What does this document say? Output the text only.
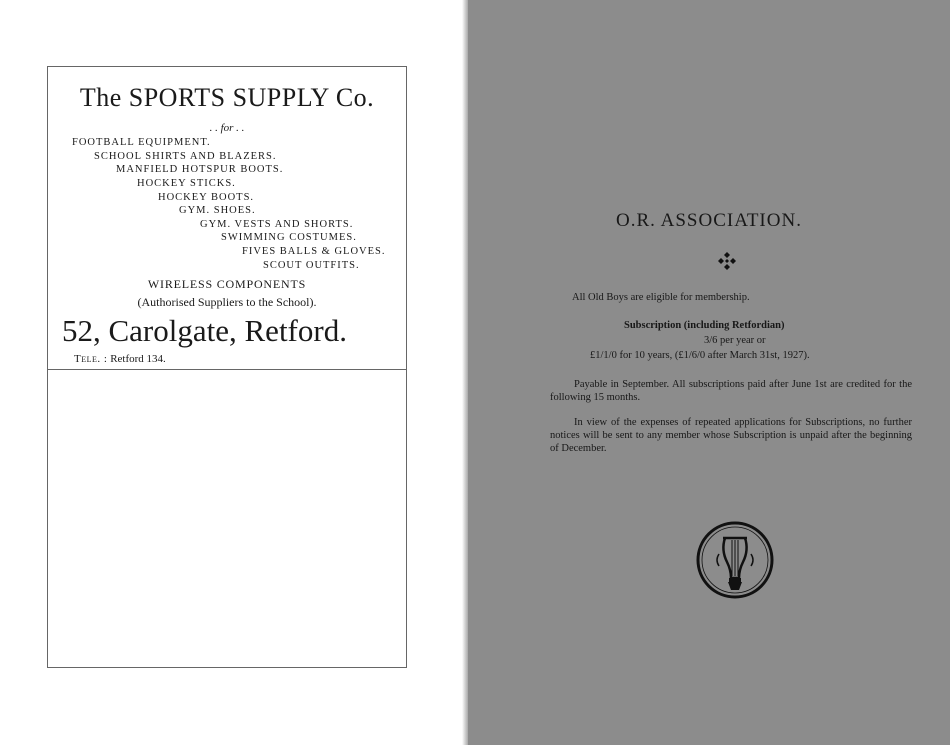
The SPORTS SUPPLY Co.
. . for . .
FOOTBALL EQUIPMENT.
SCHOOL SHIRTS AND BLAZERS.
MANFIELD HOTSPUR BOOTS.
HOCKEY STICKS.
HOCKEY BOOTS.
GYM. SHOES.
GYM. VESTS AND SHORTS.
SWIMMING COSTUMES.
FIVES BALLS & GLOVES.
SCOUT OUTFITS.
WIRELESS COMPONENTS
(Authorised Suppliers to the School).
52, Carolgate, Retford.
Tele. : Retford 134.
O.R. ASSOCIATION.
All Old Boys are eligible for membership.
Subscription (including Retfordian)
3/6 per year or
£1/1/0 for 10 years, (£1/6/0 after March 31st, 1927).
Payable in September. All subscriptions paid after June 1st are credited for the following 15 months.
In view of the expenses of repeated applications for Subscriptions, no further notices will be sent to any member whose Subscription is unpaid after the beginning of December.
